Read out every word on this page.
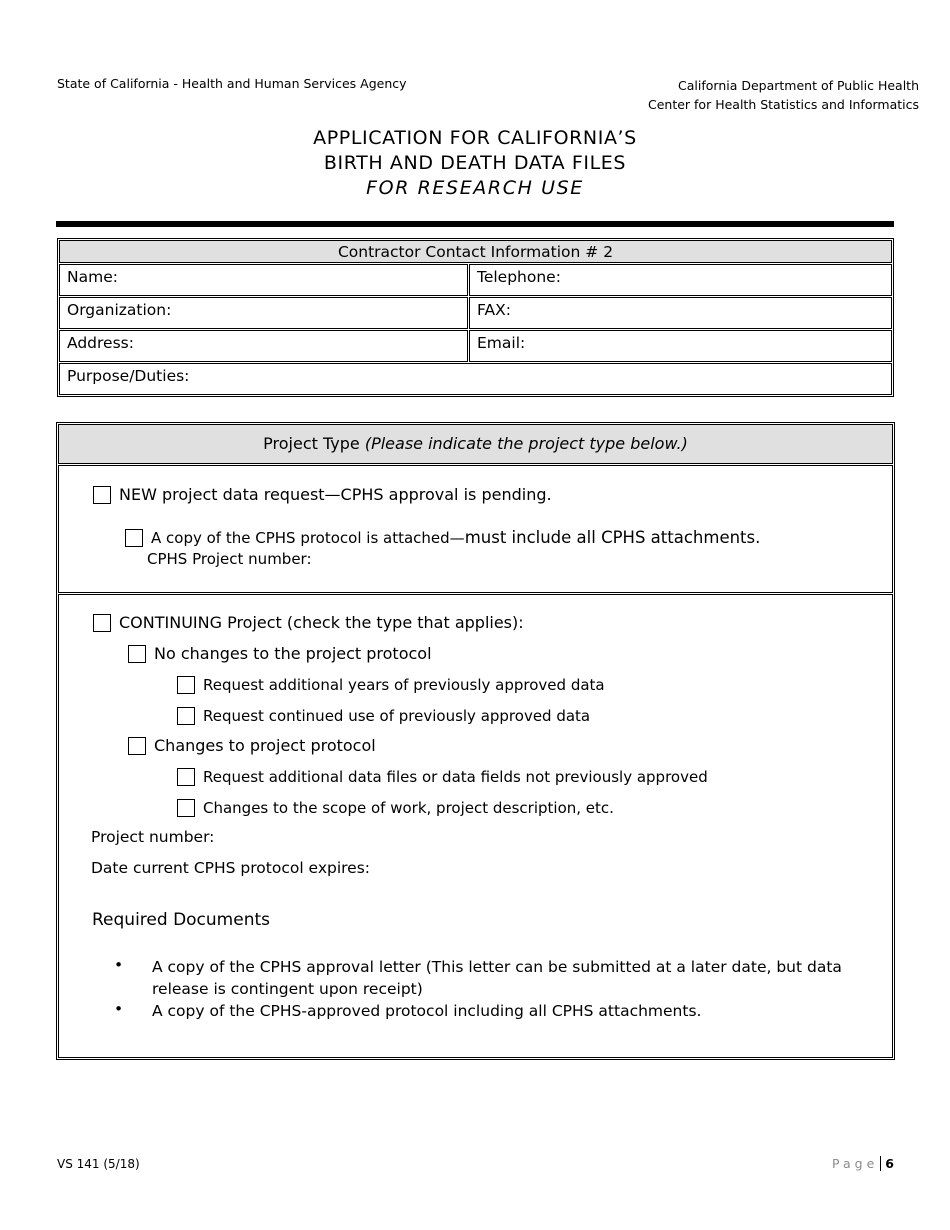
State of California - Health and Human Services Agency	California Department of Public Health
Center for Health Statistics and Informatics
APPLICATION FOR CALIFORNIA’S
BIRTH AND DEATH DATA FILES
FOR RESEARCH USE
Contractor Contact Information # 2
Name:	Telephone:
Organization:	FAX:
Address:	Email:
Purpose/Duties:
Project Type (Please indicate the project type below.)
NEW project data request—CPHS approval is pending.
A copy of the CPHS protocol is attached— must include all CPHS attachments.
CPHS Project number:
CONTINUING Project (check the type that applies):
No changes to the project protocol
Request additional years of previously approved data
Request continued use of previously approved data
Changes to project protocol
Request additional data files or data fields not previously approved
Changes to the scope of work, project description, etc.
Project number:
Date current CPHS protocol expires:
Required Documents
• A copy of the CPHS approval letter (This letter can be submitted at a later date, but data release is contingent upon receipt)
• A copy of the CPHS-approved protocol including all CPHS attachments.
VS 141 (5/18)	Page 6
